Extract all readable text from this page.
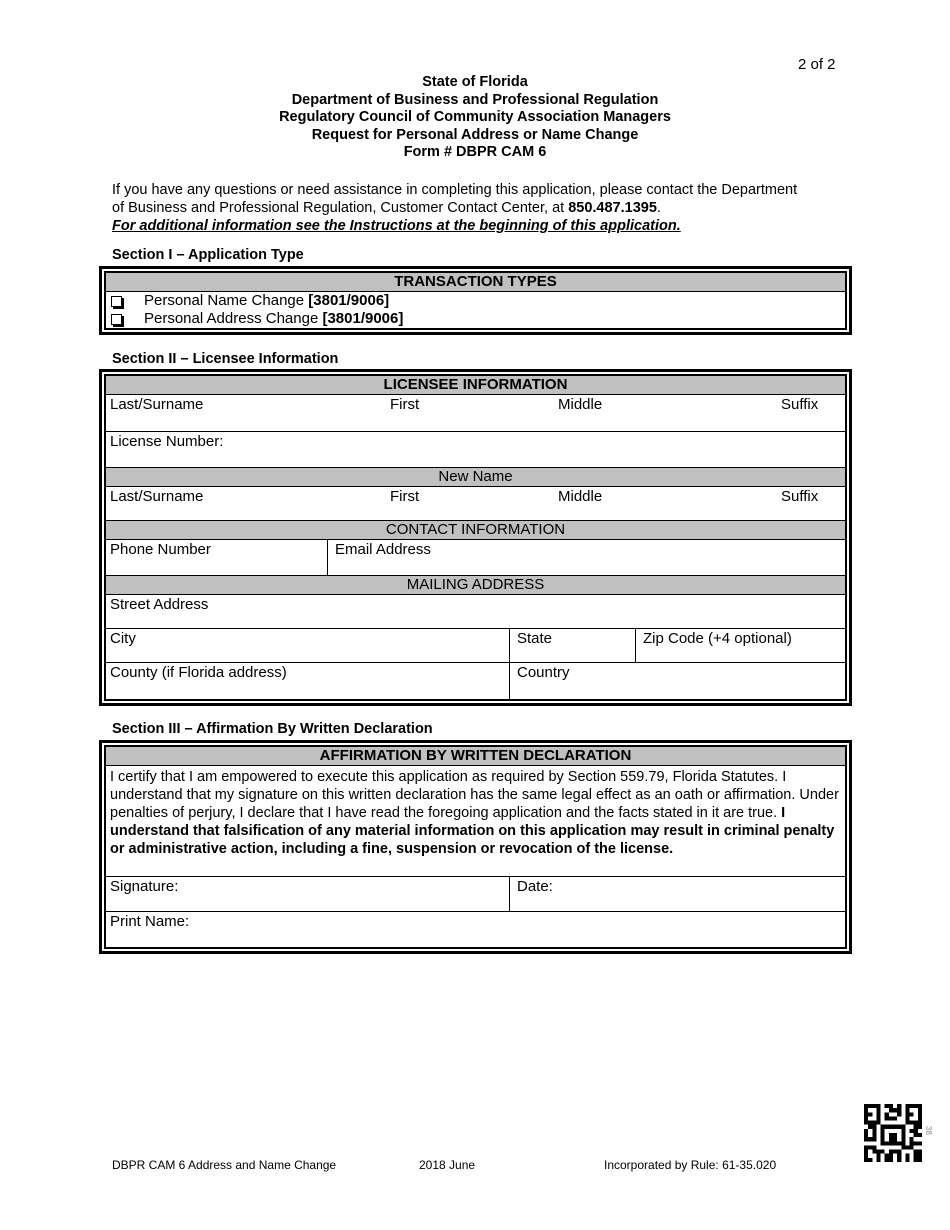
2 of 2
State of Florida
Department of Business and Professional Regulation
Regulatory Council of Community Association Managers
Request for Personal Address or Name Change
Form # DBPR CAM 6
If you have any questions or need assistance in completing this application, please contact the Department of Business and Professional Regulation, Customer Contact Center, at 850.487.1395.
For additional information see the Instructions at the beginning of this application.
Section I – Application Type
TRANSACTION TYPES
Personal Name Change [3801/9006]
Personal Address Change [3801/9006]
Section II – Licensee Information
LICENSEE INFORMATION
Last/Surname	First	Middle	Suffix
License Number:
New Name
Last/Surname	First	Middle	Suffix
CONTACT INFORMATION
Phone Number	Email Address
MAILING ADDRESS
Street Address
City	State	Zip Code (+4 optional)
County (if Florida address)	Country
Section III – Affirmation By Written Declaration
AFFIRMATION BY WRITTEN DECLARATION
I certify that I am empowered to execute this application as required by Section 559.79, Florida Statutes. I understand that my signature on this written declaration has the same legal effect as an oath or affirmation. Under penalties of perjury, I declare that I have read the foregoing application and the facts stated in it are true. I understand that falsification of any material information on this application may result in criminal penalty or administrative action, including a fine, suspension or revocation of the license.
Signature:	Date:
Print Name:
DBPR CAM 6 Address and Name Change	2018 June	Incorporated by Rule: 61-35.020
38
